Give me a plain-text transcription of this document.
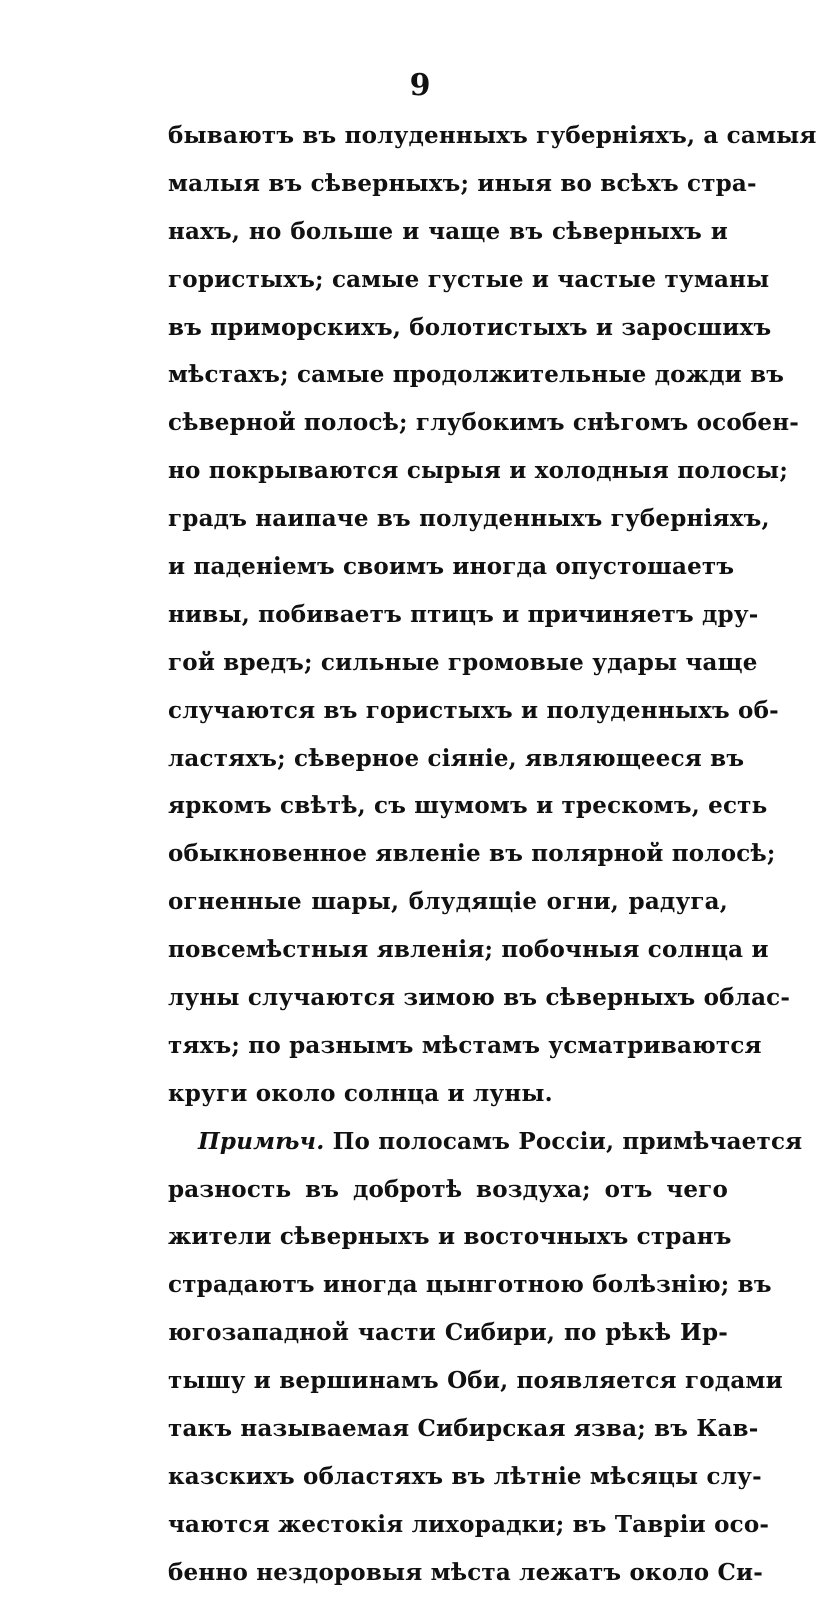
9
бываютъ въ полуденныхъ губерніяхъ, а самыя
малыя въ сѣверныхъ; иныя во всѣхъ стра-
нахъ, но больше и чаще въ сѣверныхъ и
гористыхъ; самые густые и частые туманы
въ приморскихъ, болотистыхъ и заросшихъ
мѣстахъ; самые продолжительные дожди въ
сѣверной полосѣ; глубокимъ снѣгомъ особен-
но покрываются сырыя и холодныя полосы;
градъ наипаче въ полуденныхъ губерніяхъ,
и паденіемъ своимъ иногда опустошаетъ
нивы, побиваетъ птицъ и причиняетъ дру-
гой вредъ; сильные громовые удары чаще
случаются въ гористыхъ и полуденныхъ об-
ластяхъ; сѣверное сіяніе, являющееся въ
яркомъ свѣтѣ, съ шумомъ и трескомъ, есть
обыкновенное явленіе въ полярной полосѣ;
огненные шары, блудящіе огни, радуга,
повсемѣстныя явленія; побочныя солнца и
луны случаются зимою въ сѣверныхъ облас-
тяхъ; по разнымъ мѣстамъ усматриваются
круги около солнца и луны.
Примѣч. По полосамъ Россіи, примѣчается
разность въ добротѣ воздуха; отъ чего
жители сѣверныхъ и восточныхъ странъ
страдаютъ иногда цынготною болѣзнію; въ
югозападной части Сибири, по рѣкѣ Ир-
тышу и вершинамъ Оби, появляется годами
такъ называемая Сибирская язва; въ Кав-
казскихъ областяхъ въ лѣтніе мѣсяцы слу-
чаются жестокія лихорадки; въ Тавріи осо-
бенно нездоровыя мѣста лежатъ около Си-
